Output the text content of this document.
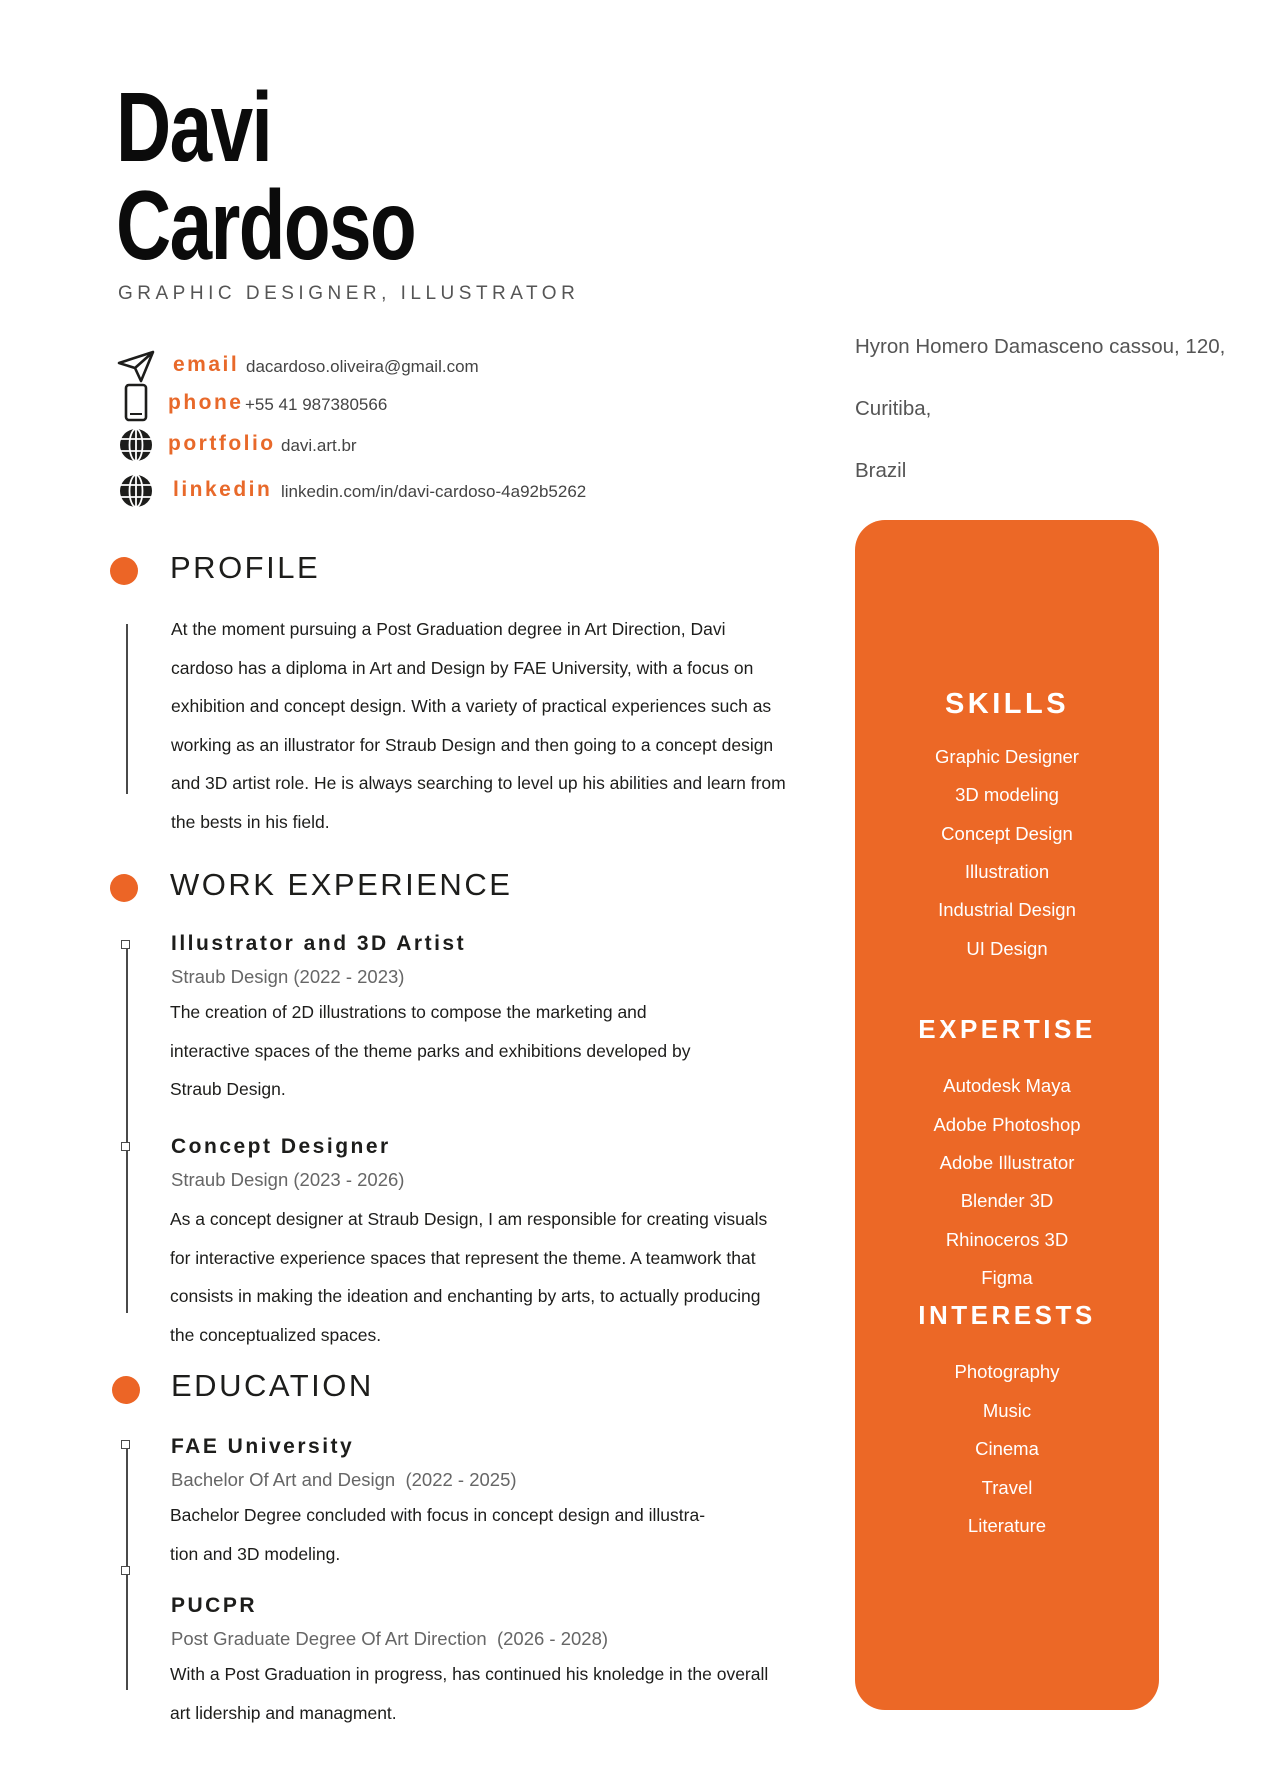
Davi
Cardoso
GRAPHIC DESIGNER, ILLUSTRATOR
email dacardoso.oliveira@gmail.com
phone +55 41 987380566
portfolio davi.art.br
linkedin linkedin.com/in/davi-cardoso-4a92b5262
Hyron Homero Damasceno cassou, 120,
Curitiba,
Brazil
PROFILE
At the moment pursuing a Post Graduation degree in Art Direction, Davi
cardoso has a diploma in Art and Design by FAE University, with a focus on
exhibition and concept design. With a variety of practical experiences such as
working as an illustrator for Straub Design and then going to a concept design
and 3D artist role. He is always searching to level up his abilities and learn from
the bests in his field.
WORK EXPERIENCE
Illustrator and 3D Artist
Straub Design (2022 - 2023)
The creation of 2D illustrations to compose the marketing and
interactive spaces of the theme parks and exhibitions developed by
Straub Design.
Concept Designer
Straub Design (2023 - 2026)
As a concept designer at Straub Design, I am responsible for creating visuals
for interactive experience spaces that represent the theme. A teamwork that
consists in making the ideation and enchanting by arts, to actually producing
the conceptualized spaces.
EDUCATION
FAE University
Bachelor Of Art and Design  (2022 - 2025)
Bachelor Degree concluded with focus in concept design and illustra-
tion and 3D modeling.
PUCPR
Post Graduate Degree Of Art Direction  (2026 - 2028)
With a Post Graduation in progress, has continued his knoledge in the overall
art lidership and managment.
SKILLS
Graphic Designer
3D modeling
Concept Design
Illustration
Industrial Design
UI Design
EXPERTISE
Autodesk Maya
Adobe Photoshop
Adobe Illustrator
Blender 3D
Rhinoceros 3D
Figma
INTERESTS
Photography
Music
Cinema
Travel
Literature
